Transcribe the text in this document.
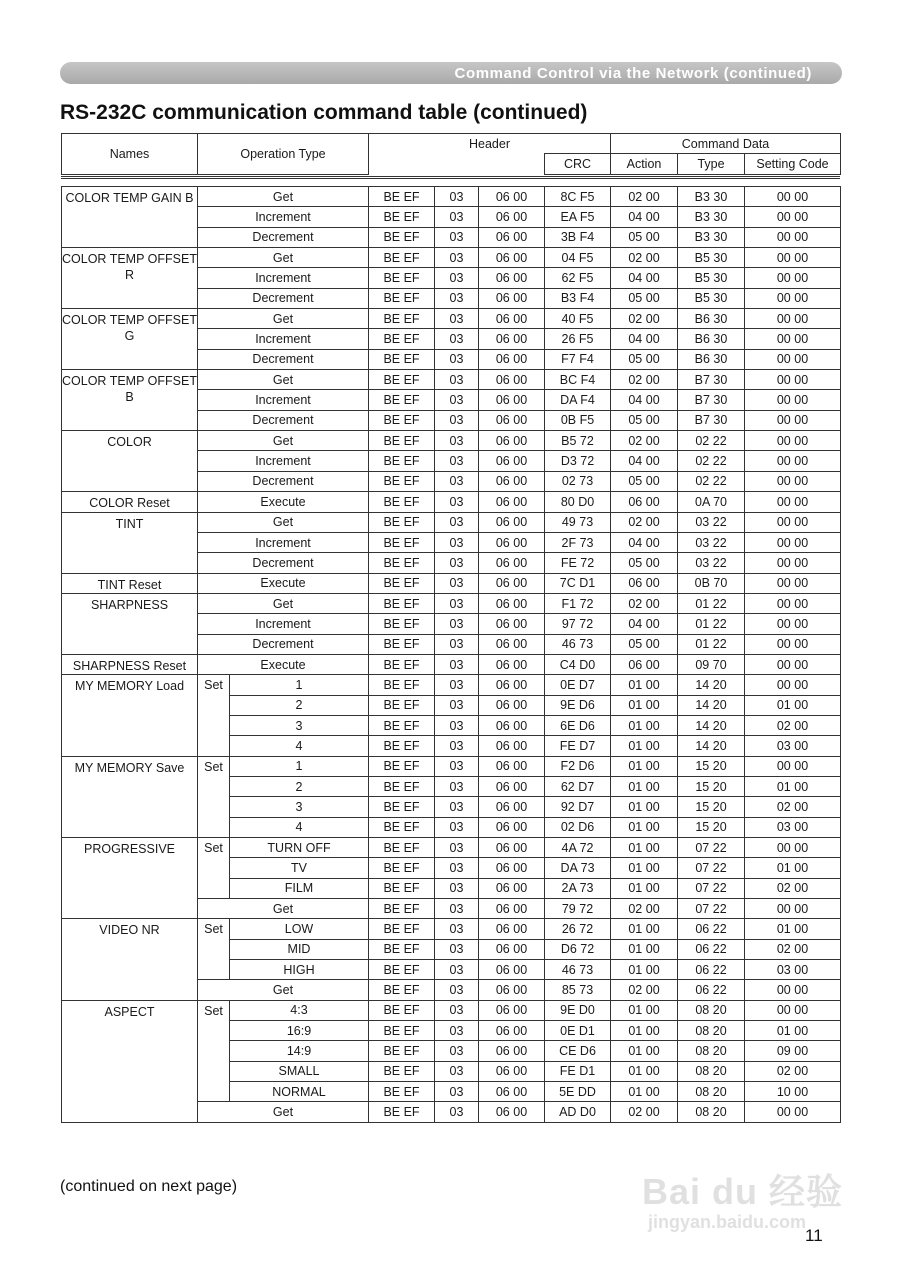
Command Control via the Network (continued)
RS-232C communication command table (continued)
Names	Operation Type	Header		Command Data		
			CRC	Action	Type	Setting Code
COLOR TEMP GAIN B	Get		BE EF	03	06 00	8C F5	02 00	B3 30	00 00
	Increment		BE EF	03	06 00	EA F5	04 00	B3 30	00 00
	Decrement		BE EF	03	06 00	3B F4	05 00	B3 30	00 00
COLOR TEMP OFFSET R	Get		BE EF	03	06 00	04 F5	02 00	B5 30	00 00
	Increment		BE EF	03	06 00	62 F5	04 00	B5 30	00 00
	Decrement		BE EF	03	06 00	B3 F4	05 00	B5 30	00 00
COLOR TEMP OFFSET G	Get		BE EF	03	06 00	40 F5	02 00	B6 30	00 00
	Increment		BE EF	03	06 00	26 F5	04 00	B6 30	00 00
	Decrement		BE EF	03	06 00	F7 F4	05 00	B6 30	00 00
COLOR TEMP OFFSET B	Get		BE EF	03	06 00	BC F4	02 00	B7 30	00 00
	Increment		BE EF	03	06 00	DA F4	04 00	B7 30	00 00
	Decrement		BE EF	03	06 00	0B F5	05 00	B7 30	00 00
COLOR	Get		BE EF	03	06 00	B5 72	02 00	02 22	00 00
	Increment		BE EF	03	06 00	D3 72	04 00	02 22	00 00
	Decrement		BE EF	03	06 00	02 73	05 00	02 22	00 00
COLOR Reset	Execute		BE EF	03	06 00	80 D0	06 00	0A 70	00 00
TINT	Get		BE EF	03	06 00	49 73	02 00	03 22	00 00
	Increment		BE EF	03	06 00	2F 73	04 00	03 22	00 00
	Decrement		BE EF	03	06 00	FE 72	05 00	03 22	00 00
TINT Reset	Execute		BE EF	03	06 00	7C D1	06 00	0B 70	00 00
SHARPNESS	Get		BE EF	03	06 00	F1 72	02 00	01 22	00 00
	Increment		BE EF	03	06 00	97 72	04 00	01 22	00 00
	Decrement		BE EF	03	06 00	46 73	05 00	01 22	00 00
SHARPNESS Reset	Execute		BE EF	03	06 00	C4 D0	06 00	09 70	00 00
MY MEMORY Load	Set	1	BE EF	03	06 00	0E D7	01 00	14 20	00 00
		2	BE EF	03	06 00	9E D6	01 00	14 20	01 00
		3	BE EF	03	06 00	6E D6	01 00	14 20	02 00
		4	BE EF	03	06 00	FE D7	01 00	14 20	03 00
MY MEMORY Save	Set	1	BE EF	03	06 00	F2 D6	01 00	15 20	00 00
		2	BE EF	03	06 00	62 D7	01 00	15 20	01 00
		3	BE EF	03	06 00	92 D7	01 00	15 20	02 00
		4	BE EF	03	06 00	02 D6	01 00	15 20	03 00
PROGRESSIVE	Set	TURN OFF	BE EF	03	06 00	4A 72	01 00	07 22	00 00
		TV	BE EF	03	06 00	DA 73	01 00	07 22	01 00
		FILM	BE EF	03	06 00	2A 73	01 00	07 22	02 00
	Get		BE EF	03	06 00	79 72	02 00	07 22	00 00
VIDEO NR	Set	LOW	BE EF	03	06 00	26 72	01 00	06 22	01 00
		MID	BE EF	03	06 00	D6 72	01 00	06 22	02 00
		HIGH	BE EF	03	06 00	46 73	01 00	06 22	03 00
	Get		BE EF	03	06 00	85 73	02 00	06 22	00 00
ASPECT	Set	4:3	BE EF	03	06 00	9E D0	01 00	08 20	00 00
		16:9	BE EF	03	06 00	0E D1	01 00	08 20	01 00
		14:9	BE EF	03	06 00	CE D6	01 00	08 20	09 00
		SMALL	BE EF	03	06 00	FE D1	01 00	08 20	02 00
		NORMAL	BE EF	03	06 00	5E DD	01 00	08 20	10 00
	Get		BE EF	03	06 00	AD D0	02 00	08 20	00 00
(continued on next page)
11
Bai du 经验
jingyan.baidu.com
